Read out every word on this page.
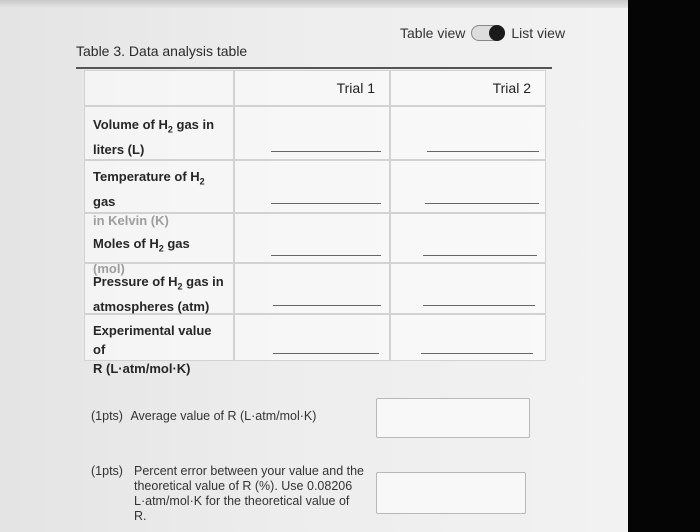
Table view	List view
Table 3. Data analysis table
Trial 1	Trial 2
Volume of $H_2$ gas in
liters (L)
Temperature of $H_2$ gas

Moles of $H_2$ gas
Pressure of $H_2$ gas in
atmospheres (atm)
Experimental value of
R (L·atm/mol·K)
(1pts) Average value of R (L·atm/mol·K)
(1pts) Percent error between your value and the
theoretical value of R (%). Use 0.08206
L·atm/mol·K for the theoretical value of
R.
